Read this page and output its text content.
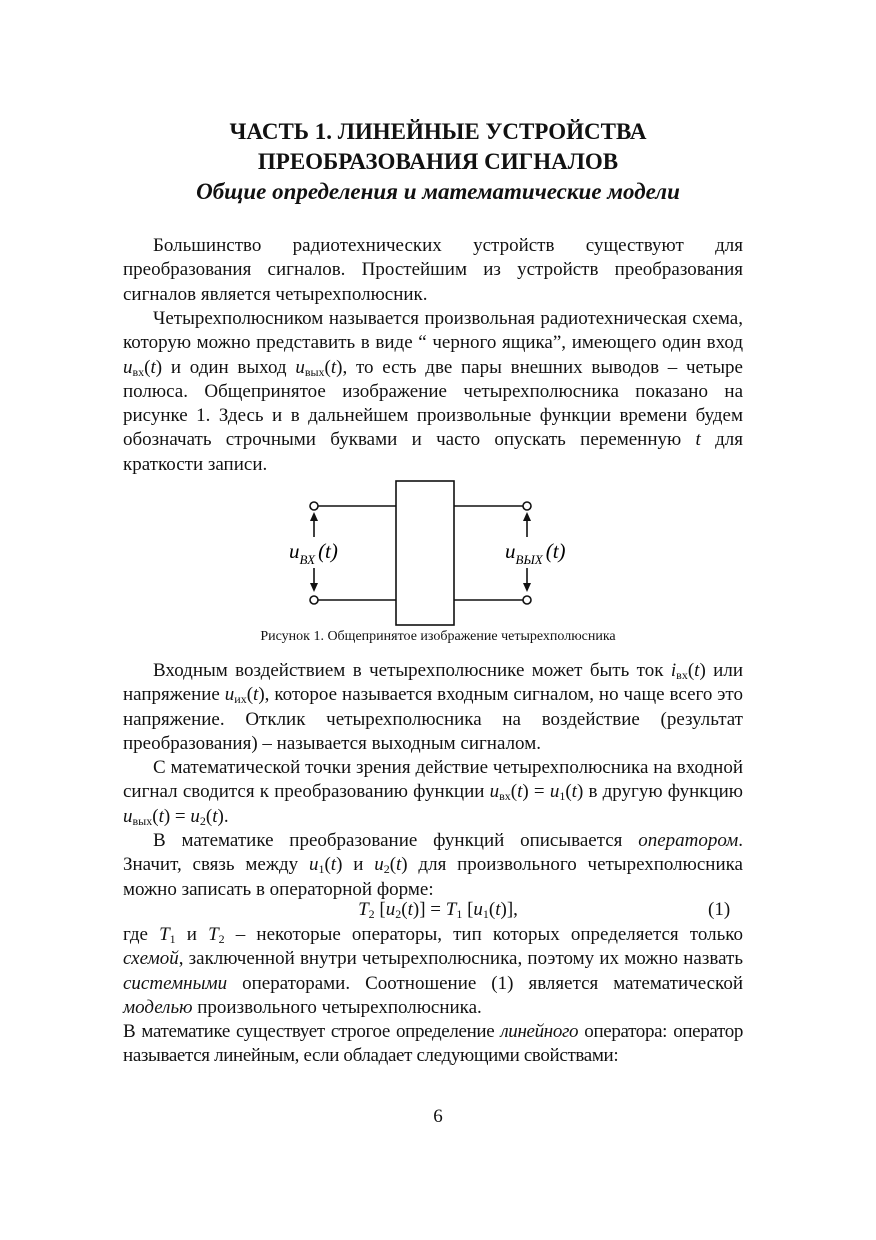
ЧАСТЬ 1. ЛИНЕЙНЫЕ УСТРОЙСТВА
ПРЕОБРАЗОВАНИЯ СИГНАЛОВ
Общие определения и математические модели
Большинство радиотехнических устройств существуют для преобразования сигналов. Простейшим из устройств преобразования сигналов является четырехполюсник.
Четырехполюсником называется произвольная радиотехническая схема, которую можно представить в виде “ черного ящика”, имеющего один вход $u_{вх}(t)$ и один выход $u_{вых}(t)$, то есть две пары внешних выводов – четыре полюса. Общепринятое изображение четырехполюсника показано на рисунке 1. Здесь и в дальнейшем произвольные функции времени будем обозначать строчными буквами и часто опускать переменную t для краткости записи.
$u_{ВХ}$ (t)	$u_{ВЫХ}$ (t)
Рисунок 1. Общепринятое изображение четырехполюсника
Входным воздействием в четырехполюснике может быть ток $i_{вх}(t)$ или напряжение $u_{их}(t)$, которое называется входным сигналом, но чаще всего это напряжение. Отклик четырехполюсника на воздействие (результат преобразования) – называется выходным сигналом.
С математической точки зрения действие четырехполюсника на входной сигнал сводится к преобразованию функции $u_{вх}(t) = u_1(t)$ в другую функцию $u_{вых}(t) = u_2(t)$.
В математике преобразование функций описывается оператором. Значит, связь между $u_1(t)$ и $u_2(t)$ для произвольного четырехполюсника можно записать в операторной форме:
$T_2$ $[u_2(t)] = T_1$ $[u_1(t)]$,	(1)
где $T_1$ и $T_2$ – некоторые операторы, тип которых определяется только схемой, заключенной внутри четырехполюсника, поэтому их можно назвать системными операторами. Соотношение (1) является математической моделью произвольного четырехполюсника.
В математике существует строгое определение линейного оператора: оператор называется линейным, если обладает следующими свойствами:
6
